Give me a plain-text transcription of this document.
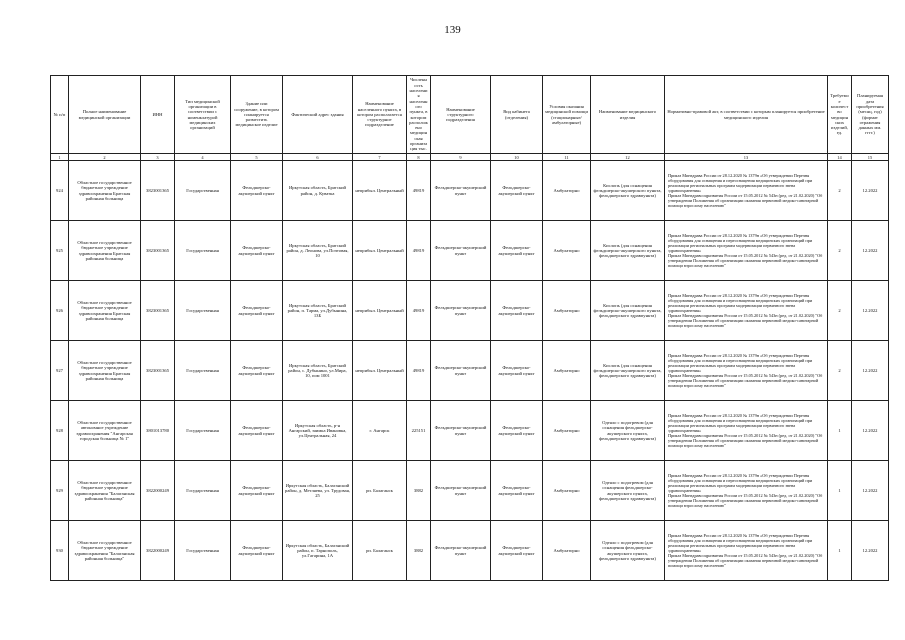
139
№ п/п	Полное наименование медицинской организации	ИНН	Тип медицинской организации в соответствии с номенклатурой медицинских организаций	Здание или сооружение, в котором планируется разместить медицинское изделие	Фактический адрес здания	Наименование населенного пункта, в котором располагается структурное подразделение	Численность населения населенного пункта, в котором расположено медицинская организация тыс.	Наименование структурного подразделения	Вид кабинета (отделения)	Условия оказания медицинской помощи (стационарные/амбулаторные)	Наименование медицинского изделия	Нормативно-правовой акт, в соответствии с которым планируется приобретение медицинского изделия	Требуемое количество медицинских изделий, ед.	Планируемая дата приобретения (месяц, год) (формат отражения данных мм. гггг.)
1	2	3	4	5	6	7	8	9	10	11	12	13	14	15
924	Областное государственное бюджетное учреждение здравоохранения Братская районная больница	3823001365	Государственная	Фельдшерско-акушерский пункт	Иркутская область, Братский район, д. Куватка	неприбыл. Центральный	49819	Фельдшерско-акушерский пункт	Фельдшерско-акушерский пункт	Амбулаторно	Кислопь (для оснащения фельдшерско-акушерского пункта, фельдшерского здравпункта)	Приказ Минздрава России от 28.12.2020 № 1379н «Об утверждении Перечня оборудования для оснащения и переоснащения медицинских организаций при реализации региональных программ модернизации первичного звена здравоохранения»
Приказ Минздравсоцразвития России от 15.05.2012 № 543н (ред. от 21.02.2020) "Об утверждении Положения об организации оказания первичной медико-санитарной помощи взрослому населению"	2	12.2022
925	Областное государственное бюджетное учреждение здравоохранения Братская районная больница	3823001365	Государственная	Фельдшерско-акушерский пункт	Иркутская область, Братский район, д. Леонова, ул.Почтовая, 10	неприбыл. Центральный	49819	Фельдшерско-акушерский пункт	Фельдшерско-акушерский пункт	Амбулаторно	Кислопь (для оснащения фельдшерско-акушерского пункта, фельдшерского здравпункта)	Приказ Минздрава России от 28.12.2020 № 1379н «Об утверждении Перечня оборудования для оснащения и переоснащения медицинских организаций при реализации региональных программ модернизации первичного звена здравоохранения»
Приказ Минздравсоцразвития России от 15.05.2012 № 543н (ред. от 21.02.2020) "Об утверждении Положения об организации оказания первичной медико-санитарной помощи взрослому населению"	2	12.2022
926	Областное государственное бюджетное учреждение здравоохранения Братская районная больница	3823001365	Государственная	Фельдшерско-акушерский пункт	Иркутская область, Братский район, п. Тарма, ул.Дубынина, 13Б	неприбыл. Центральный	49819	Фельдшерско-акушерский пункт	Фельдшерско-акушерский пункт	Амбулаторно	Кислопь (для оснащения фельдшерско-акушерского пункта, фельдшерского здравпункта)	Приказ Минздрава России от 28.12.2020 № 1379н «Об утверждении Перечня оборудования для оснащения и переоснащения медицинских организаций при реализации региональных программ модернизации первичного звена здравоохранения»
Приказ Минздравсоцразвития России от 15.05.2012 № 543н (ред. от 21.02.2020) "Об утверждении Положения об организации оказания первичной медико-санитарной помощи взрослому населению"	2	12.2022
927	Областное государственное бюджетное учреждение здравоохранения Братская районная больница	3823001365	Государственная	Фельдшерско-акушерский пункт	Иркутская область, Братский район, с. Дубынино, ул.Мира, 10, пом 1001	неприбыл. Центральный	49819	Фельдшерско-акушерский пункт	Фельдшерско-акушерский пункт	Амбулаторно	Кислопь (для оснащения фельдшерско-акушерского пункта, фельдшерского здравпункта)	Приказ Минздрава России от 28.12.2020 № 1379н «Об утверждении Перечня оборудования для оснащения и переоснащения медицинских организаций при реализации региональных программ модернизации первичного звена здравоохранения»
Приказ Минздравсоцразвития России от 15.05.2012 № 543н (ред. от 21.02.2020) "Об утверждении Положения об организации оказания первичной медико-санитарной помощи взрослому населению"	2	12.2022
928	Областное государственное автономное учреждение здравоохранения "Ангарская городская больница № 1"	3801013780	Государственная	Фельдшерско-акушерский пункт	Иркутская область, р-н Ангарский, заимка Ивановка, ул.Центральная, 24	г. Ангарск	225151	Фельдшерско-акушерский пункт	Фельдшерско-акушерский пункт	Амбулаторно	Одеяло с подогревом (для оснащения фельдшерско-акушерского пункта, фельдшерского здравпункта)	Приказ Минздрава России от 28.12.2020 № 1379н «Об утверждении Перечня оборудования для оснащения и переоснащения медицинских организаций при реализации региональных программ модернизации первичного звена здравоохранения»
Приказ Минздравсоцразвития России от 15.05.2012 № 543н (ред. от 21.02.2020) "Об утверждении Положения об организации оказания первичной медико-санитарной помощи взрослому населению"	1	12.2022
929	Областное государственное бюджетное учреждение здравоохранения "Балаганская районная больница"	3822000249	Государственная	Фельдшерско-акушерский пункт	Иркутская область, Балаганский район, д. Метляева, ул. Трудовая, 25	рп. Балаганск	3882	Фельдшерско-акушерский пункт	Фельдшерско-акушерский пункт	Амбулаторно	Одеяло с подогревом (для оснащения фельдшерско-акушерского пункта, фельдшерского здравпункта)	Приказ Минздрава России от 28.12.2020 № 1379н «Об утверждении Перечня оборудования для оснащения и переоснащения медицинских организаций при реализации региональных программ модернизации первичного звена здравоохранения»
Приказ Минздравсоцразвития России от 15.05.2012 № 543н (ред. от 21.02.2020) "Об утверждении Положения об организации оказания первичной медико-санитарной помощи взрослому населению"	1	12.2022
930	Областное государственное бюджетное учреждение здравоохранения "Балаганская районная больница"	3822000249	Государственная	Фельдшерско-акушерский пункт	Иркутская область, Балаганский район, п. Тарнополь, ул.Гагарина, 1А	рп. Балаганск	3882	Фельдшерско-акушерский пункт	Фельдшерско-акушерский пункт	Амбулаторно	Одеяло с подогревом (для оснащения фельдшерско-акушерского пункта, фельдшерского здравпункта)	Приказ Минздрава России от 28.12.2020 № 1379н «Об утверждении Перечня оборудования для оснащения и переоснащения медицинских организаций при реализации региональных программ модернизации первичного звена здравоохранения»
Приказ Минздравсоцразвития России от 15.05.2012 № 543н (ред. от 21.02.2020) "Об утверждении Положения об организации оказания первичной медико-санитарной помощи взрослому населению"	1	12.2022
